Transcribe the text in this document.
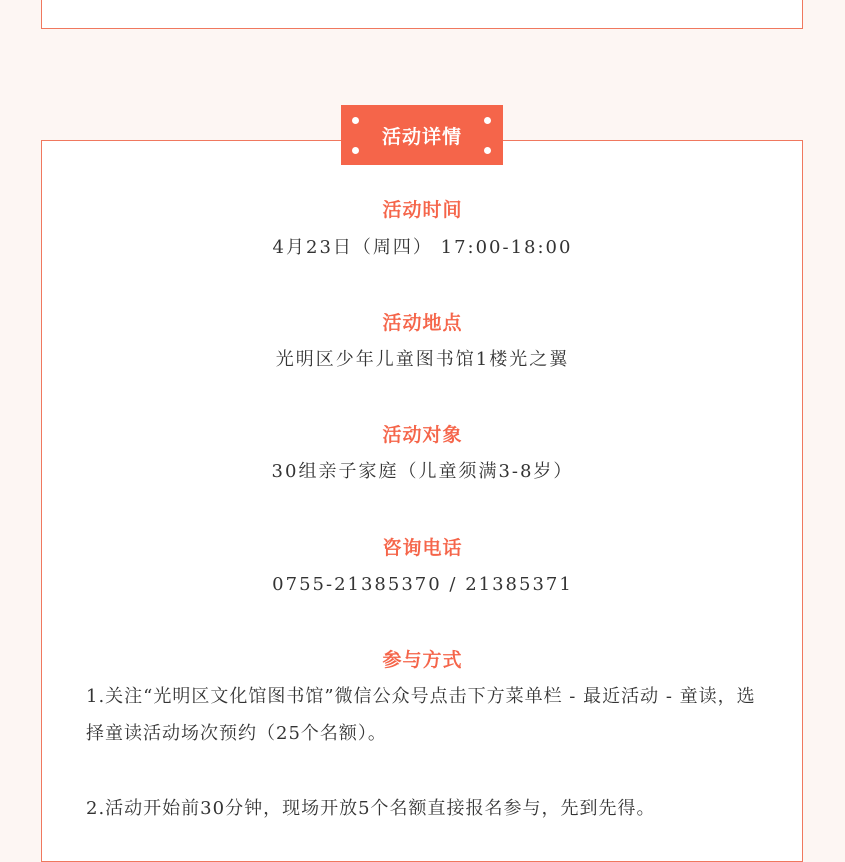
活动详情
活动时间
4月23日（周四） 17:00-18:00
活动地点
光明区少年儿童图书馆1楼光之翼
活动对象
30组亲子家庭（儿童须满3-8岁）
咨询电话
0755-21385370 / 21385371
参与方式
1.关注“光明区文化馆图书馆”微信公众号点击下方菜单栏 - 最近活动 - 童读，选择童读活动场次预约（25个名额）。
2.活动开始前30分钟，现场开放5个名额直接报名参与，先到先得。
